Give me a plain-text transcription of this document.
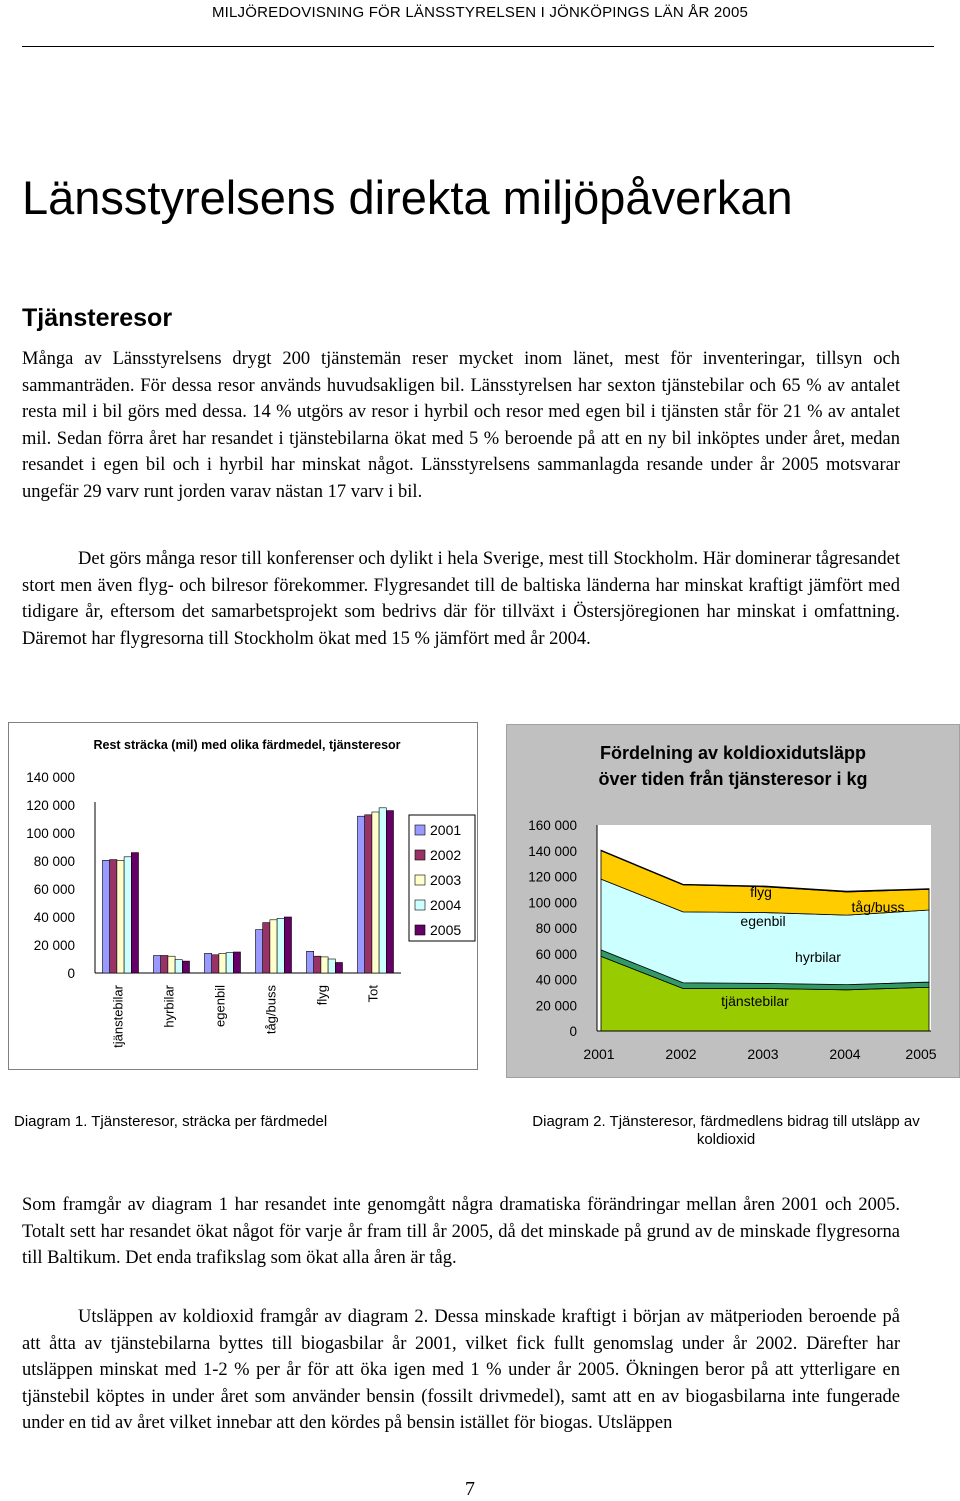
MILJÖREDOVISNING FÖR LÄNSSTYRELSEN I JÖNKÖPINGS LÄN ÅR 2005
Länsstyrelsens direkta miljöpåverkan
Tjänsteresor

Många av Länsstyrelsens drygt 200 tjänstemän reser mycket inom länet, mest för inventeringar, tillsyn och sammanträden. För dessa resor används huvudsakligen bil. Länsstyrelsen har sexton tjänstebilar och 65 % av antalet resta mil i bil görs med dessa. 14 % utgörs av resor i hyrbil och resor med egen bil i tjänsten står för 21 % av antalet mil. Sedan förra året har resandet i tjänstebilarna ökat med 5 % beroende på att en ny bil inköptes under året, medan resandet i egen bil och i hyrbil har minskat något. Länsstyrelsens sammanlagda resande under år 2005 motsvarar ungefär 29 varv runt jorden varav nästan 17 varv i bil.

Det görs många resor till konferenser och dylikt i hela Sverige, mest till Stockholm. Här dominerar tågresandet stort men även flyg- och bilresor förekommer. Flygresandet till de baltiska länderna har minskat kraftigt jämfört med tidigare år, eftersom det samarbetsprojekt som bedrivs där för tillväxt i Östersjöregionen har minskat i omfattning. Däremot har flygresorna till Stockholm ökat med 15 % jämfört med år 2004.

Rest sträcka (mil) med olika färdmedel, tjänsteresor
0
20 000
40 000
60 000
80 000
100 000
120 000
140 000
tjänstebilar	hyrbilar	egenbil	tåg/buss	flyg	Tot
2001
2002
2003
2004
2005
Fördelning av koldioxidutsläpp över tiden från tjänsteresor i kg
0
20 000
40 000
60 000
80 000
100 000
120 000
140 000
160 000
2001	2002	2003	2004	2005
tjänstebilar
hyrbilar
egenbil
flyg
tåg/buss
Diagram 1. Tjänsteresor, sträcka per färdmedel	Diagram 2. Tjänsteresor, färdmedlens bidrag till utsläpp av koldioxid

Som framgår av diagram 1 har resandet inte genomgått några dramatiska förändringar mellan åren 2001 och 2005. Totalt sett har resandet ökat något för varje år fram till år 2005, då det minskade på grund av de minskade flygresorna till Baltikum. Det enda trafikslag som ökat alla åren är tåg.

Utsläppen av koldioxid framgår av diagram 2. Dessa minskade kraftigt i början av mätperioden beroende på att åtta av tjänstebilarna byttes till biogasbilar år 2001, vilket fick fullt genomslag under år 2002. Därefter har utsläppen minskat med 1-2 % per år för att öka igen med 1 % under år 2005. Ökningen beror på att ytterligare en tjänstebil köptes in under året som använder bensin (fossilt drivmedel), samt att en av biogasbilarna inte fungerade under en tid av året vilket innebar att den kördes på bensin istället för biogas. Utsläppen

7
